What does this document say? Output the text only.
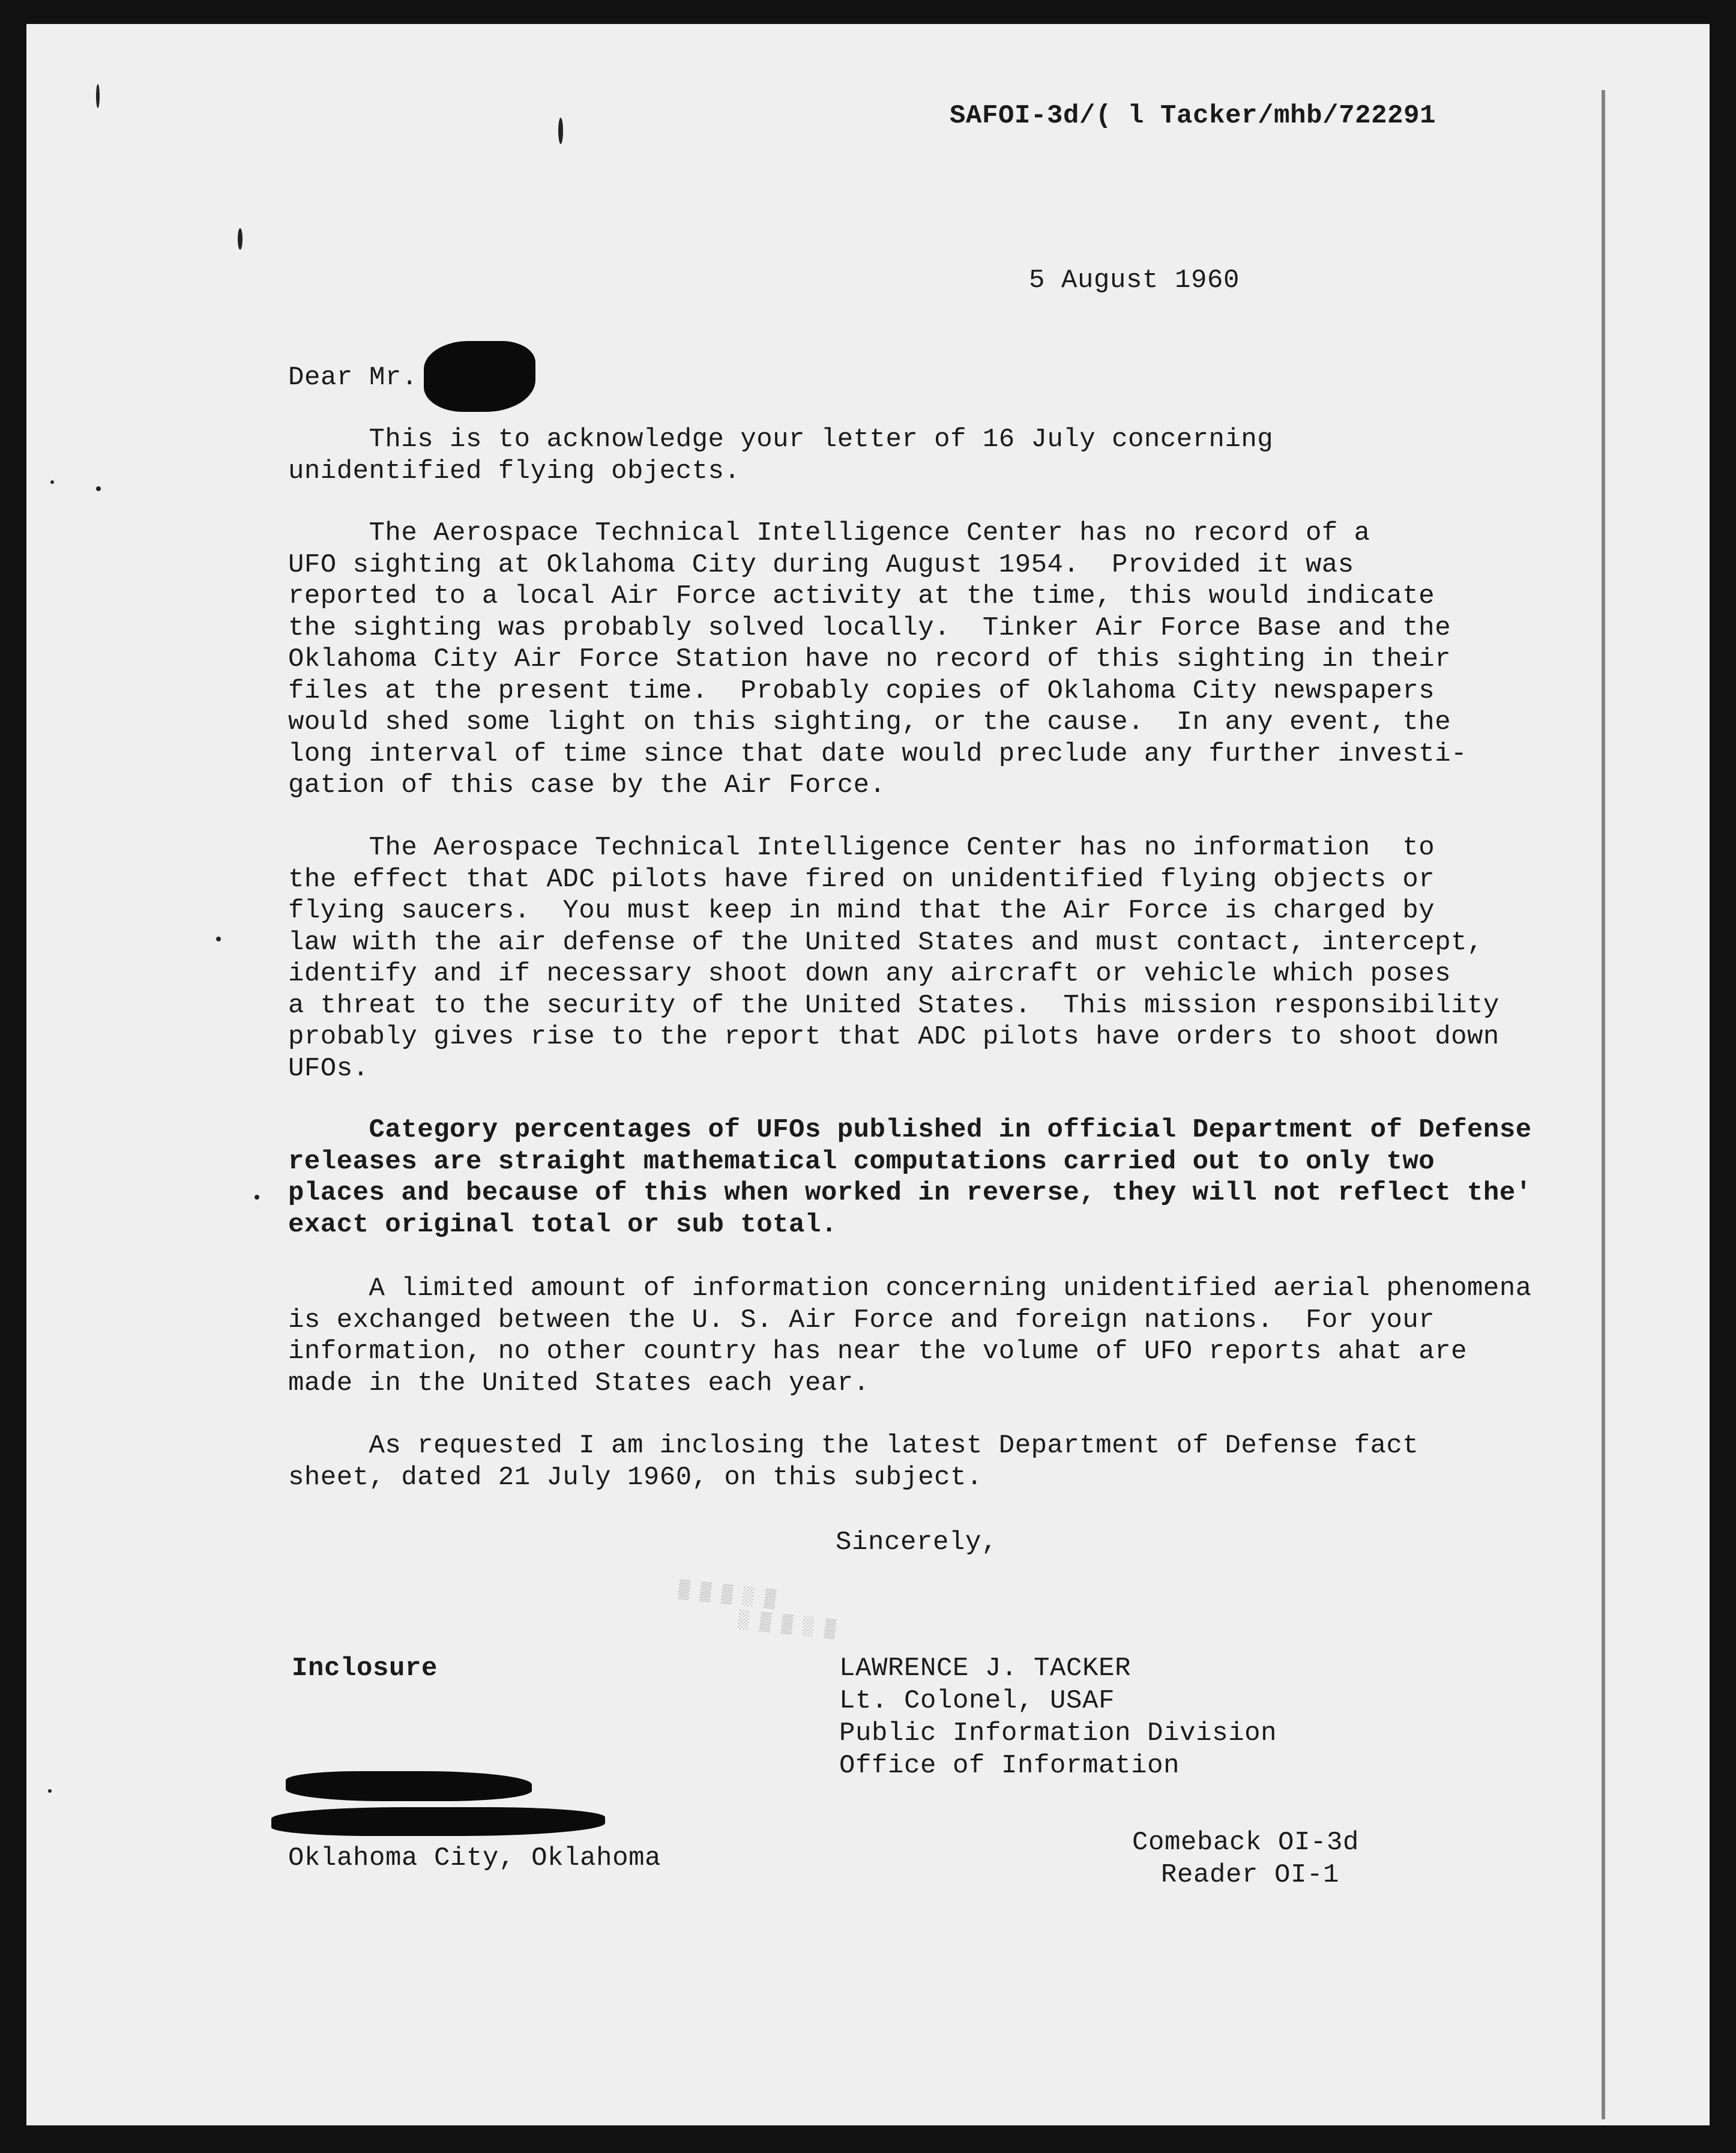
SAFOI-3d/( l Tacker/mhb/722291
5 August 1960
Dear Mr.
This is to acknowledge your letter of 16 July concerning
unidentified flying objects.
The Aerospace Technical Intelligence Center has no record of a
UFO sighting at Oklahoma City during August 1954.  Provided it was
reported to a local Air Force activity at the time, this would indicate
the sighting was probably solved locally.  Tinker Air Force Base and the
Oklahoma City Air Force Station have no record of this sighting in their
files at the present time.  Probably copies of Oklahoma City newspapers
would shed some light on this sighting, or the cause.  In any event, the
long interval of time since that date would preclude any further investi-
gation of this case by the Air Force.
The Aerospace Technical Intelligence Center has no information  to
the effect that ADC pilots have fired on unidentified flying objects or
flying saucers.  You must keep in mind that the Air Force is charged by
law with the air defense of the United States and must contact, intercept,
identify and if necessary shoot down any aircraft or vehicle which poses
a threat to the security of the United States.  This mission responsibility
probably gives rise to the report that ADC pilots have orders to shoot down
UFOs.
Category percentages of UFOs published in official Department of Defense
releases are straight mathematical computations carried out to only two
places and because of this when worked in reverse, they will not reflect the'
exact original total or sub total.
A limited amount of information concerning unidentified aerial phenomena
is exchanged between the U. S. Air Force and foreign nations.  For your
information, no other country has near the volume of UFO reports ahat are
made in the United States each year.
As requested I am inclosing the latest Department of Defense fact
sheet, dated 21 July 1960, on this subject.
Sincerely,
▒ ▒ ▒ ░ ▒
░ ▒ ▒ ░ ▒
Inclosure	LAWRENCE J. TACKER
Lt. Colonel, USAF
Public Information Division
Office of Information
Oklahoma City, Oklahoma
Comeback OI-3d
Reader OI-1
